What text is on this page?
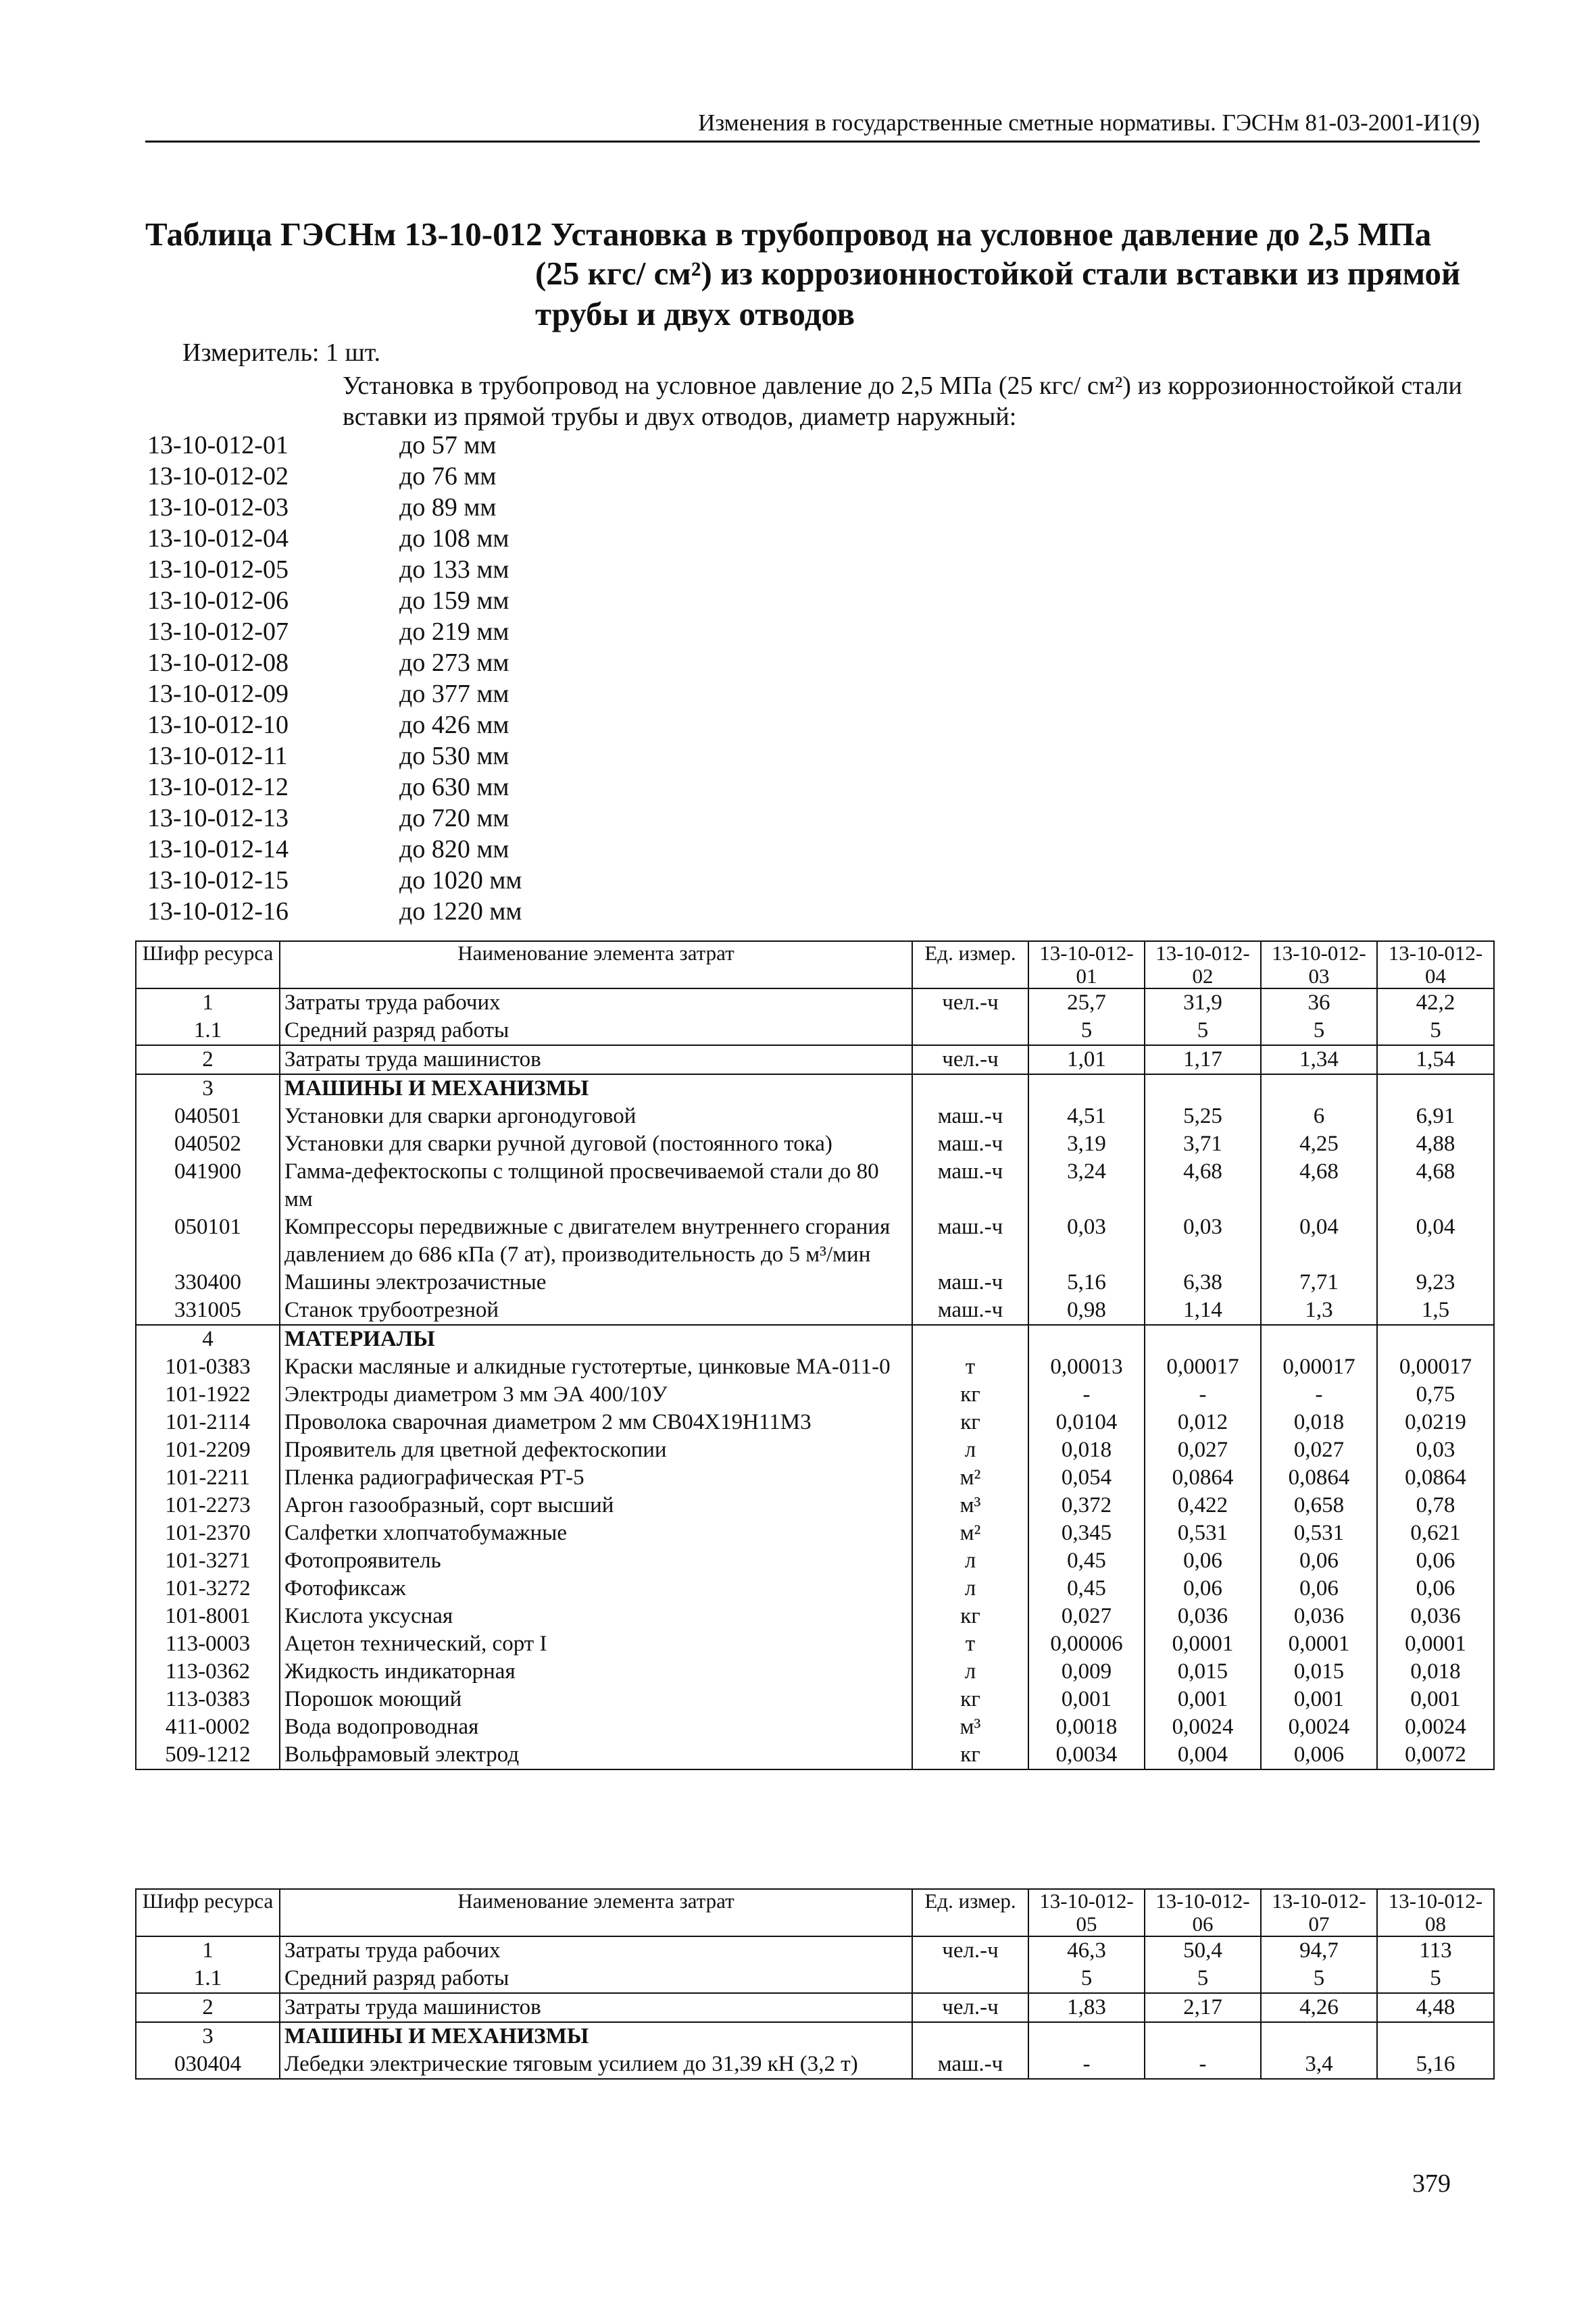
Изменения в государственные сметные нормативы. ГЭСНм 81-03-2001-И1(9)
Таблица ГЭСНм 13-10-012 Установка в трубопровод на условное давление до 2,5 МПа
(25 кгс/ см²) из коррозионностойкой стали вставки из прямой
трубы и двух отводов
Измеритель: 1 шт.
Установка в трубопровод на условное давление до 2,5 МПа (25 кгс/ см²) из коррозионностойкой стали вставки из прямой трубы и двух отводов, диаметр наружный:
13-10-012-01	до 57 мм
13-10-012-02	до 76 мм
13-10-012-03	до 89 мм
13-10-012-04	до 108 мм
13-10-012-05	до 133 мм
13-10-012-06	до 159 мм
13-10-012-07	до 219 мм
13-10-012-08	до 273 мм
13-10-012-09	до 377 мм
13-10-012-10	до 426 мм
13-10-012-11	до 530 мм
13-10-012-12	до 630 мм
13-10-012-13	до 720 мм
13-10-012-14	до 820 мм
13-10-012-15	до 1020 мм
13-10-012-16	до 1220 мм
Шифр ресурса	Наименование элемента затрат	Ед. измер.	13-10-012-01	13-10-012-02	13-10-012-03	13-10-012-04
1	Затраты труда рабочих	чел.-ч	25,7	31,9	36	42,2
1.1	Средний разряд работы		5	5	5	5
2	Затраты труда машинистов	чел.-ч	1,01	1,17	1,34	1,54
3	МАШИНЫ И МЕХАНИЗМЫ					
040501	Установки для сварки аргонодуговой	маш.-ч	4,51	5,25	6	6,91
040502	Установки для сварки ручной дуговой (постоянного тока)	маш.-ч	3,19	3,71	4,25	4,88
041900	Гамма-дефектоскопы с толщиной просвечиваемой стали до 80 мм	маш.-ч	3,24	4,68	4,68	4,68
050101	Компрессоры передвижные с двигателем внутреннего сгорания давлением до 686 кПа (7 ат), производительность до 5 м³/мин	маш.-ч	0,03	0,03	0,04	0,04
330400	Машины электрозачистные	маш.-ч	5,16	6,38	7,71	9,23
331005	Станок трубоотрезной	маш.-ч	0,98	1,14	1,3	1,5
4	МАТЕРИАЛЫ					
101-0383	Краски масляные и алкидные густотертые, цинковые МА-011-0	т	0,00013	0,00017	0,00017	0,00017
101-1922	Электроды диаметром 3 мм ЭА 400/10У	кг	-	-	-	0,75
101-2114	Проволока сварочная диаметром 2 мм СВ04Х19Н11М3	кг	0,0104	0,012	0,018	0,0219
101-2209	Проявитель для цветной дефектоскопии	л	0,018	0,027	0,027	0,03
101-2211	Пленка радиографическая РТ-5	м²	0,054	0,0864	0,0864	0,0864
101-2273	Аргон газообразный, сорт высший	м³	0,372	0,422	0,658	0,78
101-2370	Салфетки хлопчатобумажные	м²	0,345	0,531	0,531	0,621
101-3271	Фотопроявитель	л	0,45	0,06	0,06	0,06
101-3272	Фотофиксаж	л	0,45	0,06	0,06	0,06
101-8001	Кислота уксусная	кг	0,027	0,036	0,036	0,036
113-0003	Ацетон технический, сорт I	т	0,00006	0,0001	0,0001	0,0001
113-0362	Жидкость индикаторная	л	0,009	0,015	0,015	0,018
113-0383	Порошок моющий	кг	0,001	0,001	0,001	0,001
411-0002	Вода водопроводная	м³	0,0018	0,0024	0,0024	0,0024
509-1212	Вольфрамовый электрод	кг	0,0034	0,004	0,006	0,0072
Шифр ресурса	Наименование элемента затрат	Ед. измер.	13-10-012-05	13-10-012-06	13-10-012-07	13-10-012-08
1	Затраты труда рабочих	чел.-ч	46,3	50,4	94,7	113
1.1	Средний разряд работы		5	5	5	5
2	Затраты труда машинистов	чел.-ч	1,83	2,17	4,26	4,48
3	МАШИНЫ И МЕХАНИЗМЫ					
030404	Лебедки электрические тяговым усилием до 31,39 кН (3,2 т)	маш.-ч	-	-	3,4	5,16
379
